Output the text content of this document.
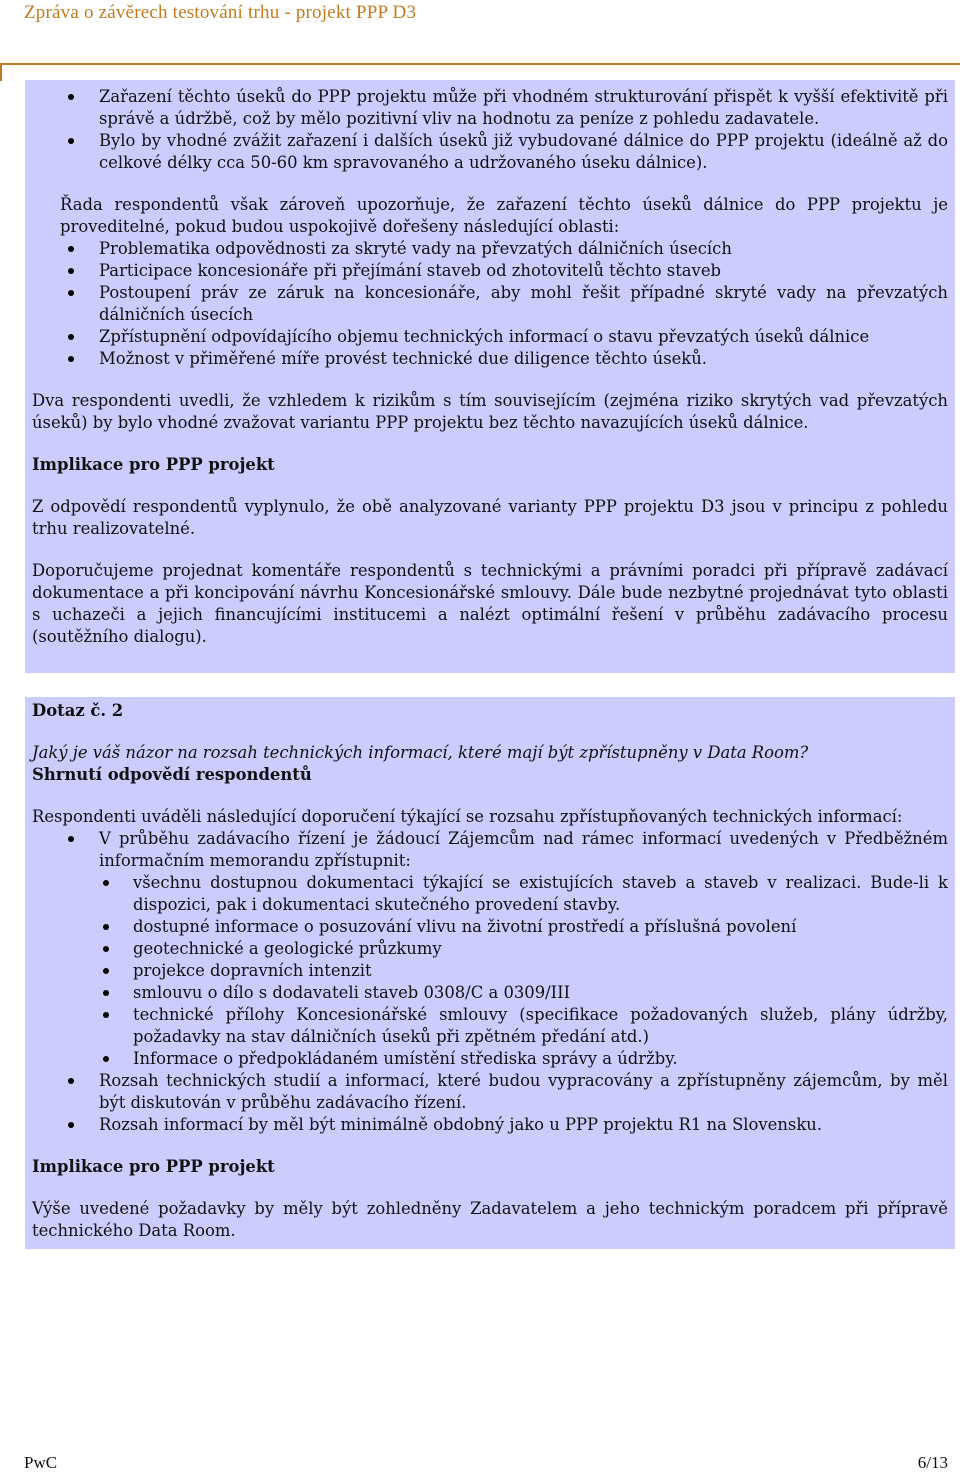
Zpráva o závěrech testování trhu - projekt PPP D3
Zařazení těchto úseků do PPP projektu může při vhodném strukturování přispět k vyšší efektivitě při správě a údržbě, což by mělo pozitivní vliv na hodnotu za peníze z pohledu zadavatele.
Bylo by vhodné zvážit zařazení i dalších úseků již vybudované dálnice do PPP projektu (ideálně až do celkové délky cca 50-60 km spravovaného a udržovaného úseku dálnice).

Řada respondentů však zároveň upozorňuje, že zařazení těchto úseků dálnice do PPP projektu je proveditelné, pokud budou uspokojivě dořešeny následující oblasti:

Problematika odpovědnosti za skryté vady na převzatých dálničních úsecích
Participace koncesionáře při přejímání staveb od zhotovitelů těchto staveb
Postoupení práv ze záruk na koncesionáře, aby mohl řešit případné skryté vady na převzatých dálničních úsecích
Zpřístupnění odpovídajícího objemu technických informací o stavu převzatých úseků dálnice
Možnost v přiměřené míře provést technické due diligence těchto úseků.

Dva respondenti uvedli, že vzhledem k rizikům s tím souvisejícím (zejména riziko skrytých vad převzatých úseků) by bylo vhodné zvažovat variantu PPP projektu bez těchto navazujících úseků dálnice.

Implikace pro PPP projekt

Z odpovědí respondentů vyplynulo, že obě analyzované varianty PPP projektu D3 jsou v principu z pohledu trhu realizovatelné.

Doporučujeme projednat komentáře respondentů s technickými a právními poradci při přípravě zadávací dokumentace a při koncipování návrhu Koncesionářské smlouvy. Dále bude nezbytné projednávat tyto oblasti s uchazeči a jejich financujícími institucemi a nalézt optimální řešení v průběhu zadávacího procesu (soutěžního dialogu).

Dotaz č. 2

Jaký je váš názor na rozsah technických informací, které mají být zpřístupněny v Data Room?

Shrnutí odpovědí respondentů

Respondenti uváděli následující doporučení týkající se rozsahu zpřístupňovaných technických informací:

V průběhu zadávacího řízení je žádoucí Zájemcům nad rámec informací uvedených v Předběžném informačním memorandu zpřístupnit:
všechnu dostupnou dokumentaci týkající se existujících staveb a staveb v realizaci. Bude-li k dispozici, pak i dokumentaci skutečného provedení stavby.
dostupné informace o posuzování vlivu na životní prostředí a příslušná povolení
geotechnické a geologické průzkumy
projekce dopravních intenzit
smlouvu o dílo s dodavateli staveb 0308/C a 0309/III
technické přílohy Koncesionářské smlouvy (specifikace požadovaných služeb, plány údržby, požadavky na stav dálničních úseků při zpětném předání atd.)
Informace o předpokládaném umístění střediska správy a údržby.
Rozsah technických studií a informací, které budou vypracovány a zpřístupněny zájemcům, by měl být diskutován v průběhu zadávacího řízení.
Rozsah informací by měl být minimálně obdobný jako u PPP projektu R1 na Slovensku.

Implikace pro PPP projekt

Výše uvedené požadavky by měly být zohledněny Zadavatelem a jeho technickým poradcem při přípravě technického Data Room.

PwC	6/13
